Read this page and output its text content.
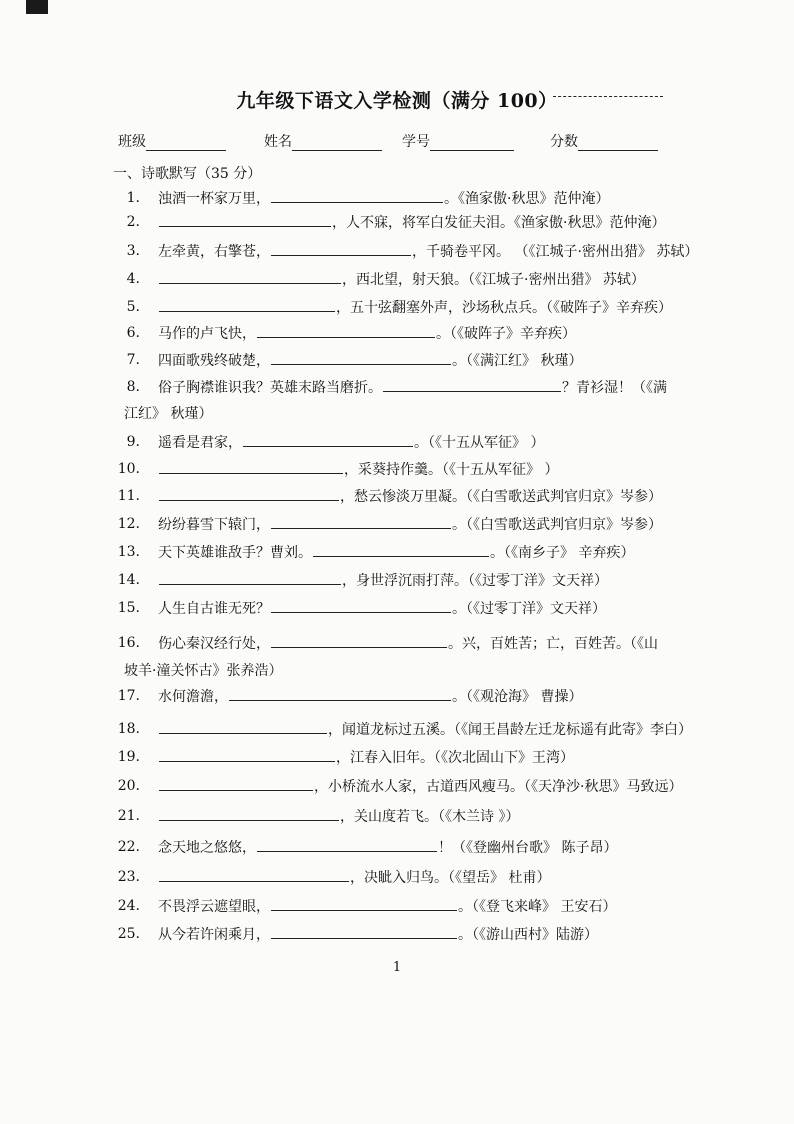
九年级下语文入学检测（满分 100）
班级	姓名	学号	分数
一、诗歌默写（35 分）
1. 浊酒一杯家万里，	。《渔家傲·秋思》范仲淹）
2.	，人不寐，将军白发征夫泪。《渔家傲·秋思》范仲淹）
3. 左牵黄，右擎苍，	，千骑卷平冈。 （《江城子·密州出猎》 苏轼）
4.	，西北望，射天狼。（《江城子·密州出猎》 苏轼）
5.	，五十弦翻塞外声，沙场秋点兵。（《破阵子》辛弃疾）
6. 马作的卢飞快，	。（《破阵子》辛弃疾）
7. 四面歌残终破楚，	。（《满江红》 秋瑾）
8. 俗子胸襟谁识我？英雄末路当磨折。	？青衫湿！（《满
江红》 秋瑾）
9. 遥看是君家，	。（《十五从军征》 ）
10.	，采葵持作羹。（《十五从军征》 ）
11.	，愁云惨淡万里凝。（《白雪歌送武判官归京》岑参）
12. 纷纷暮雪下辕门，	。（《白雪歌送武判官归京》岑参）
13. 天下英雄谁敌手？曹刘。	。（《南乡子》 辛弃疾）
14.	，身世浮沉雨打萍。（《过零丁洋》文天祥）
15. 人生自古谁无死？	。（《过零丁洋》文天祥）
16. 伤心秦汉经行处，	。兴，百姓苦；亡，百姓苦。（《山
坡羊·潼关怀古》张养浩）
17. 水何澹澹，	。（《观沧海》 曹操）
18.	，闻道龙标过五溪。（《闻王昌龄左迁龙标遥有此寄》李白）
19.	，江春入旧年。（《次北固山下》王湾）
20.	，小桥流水人家，古道西风瘦马。（《天净沙·秋思》马致远）
21.	，关山度若飞。（《木兰诗 》）
22. 念天地之悠悠，	！（《登幽州台歌》 陈子昂）
23.	，决眦入归鸟。（《望岳》 杜甫）
24. 不畏浮云遮望眼，	。（《登飞来峰》 王安石）
25. 从今若许闲乘月，	。（《游山西村》陆游）
1
